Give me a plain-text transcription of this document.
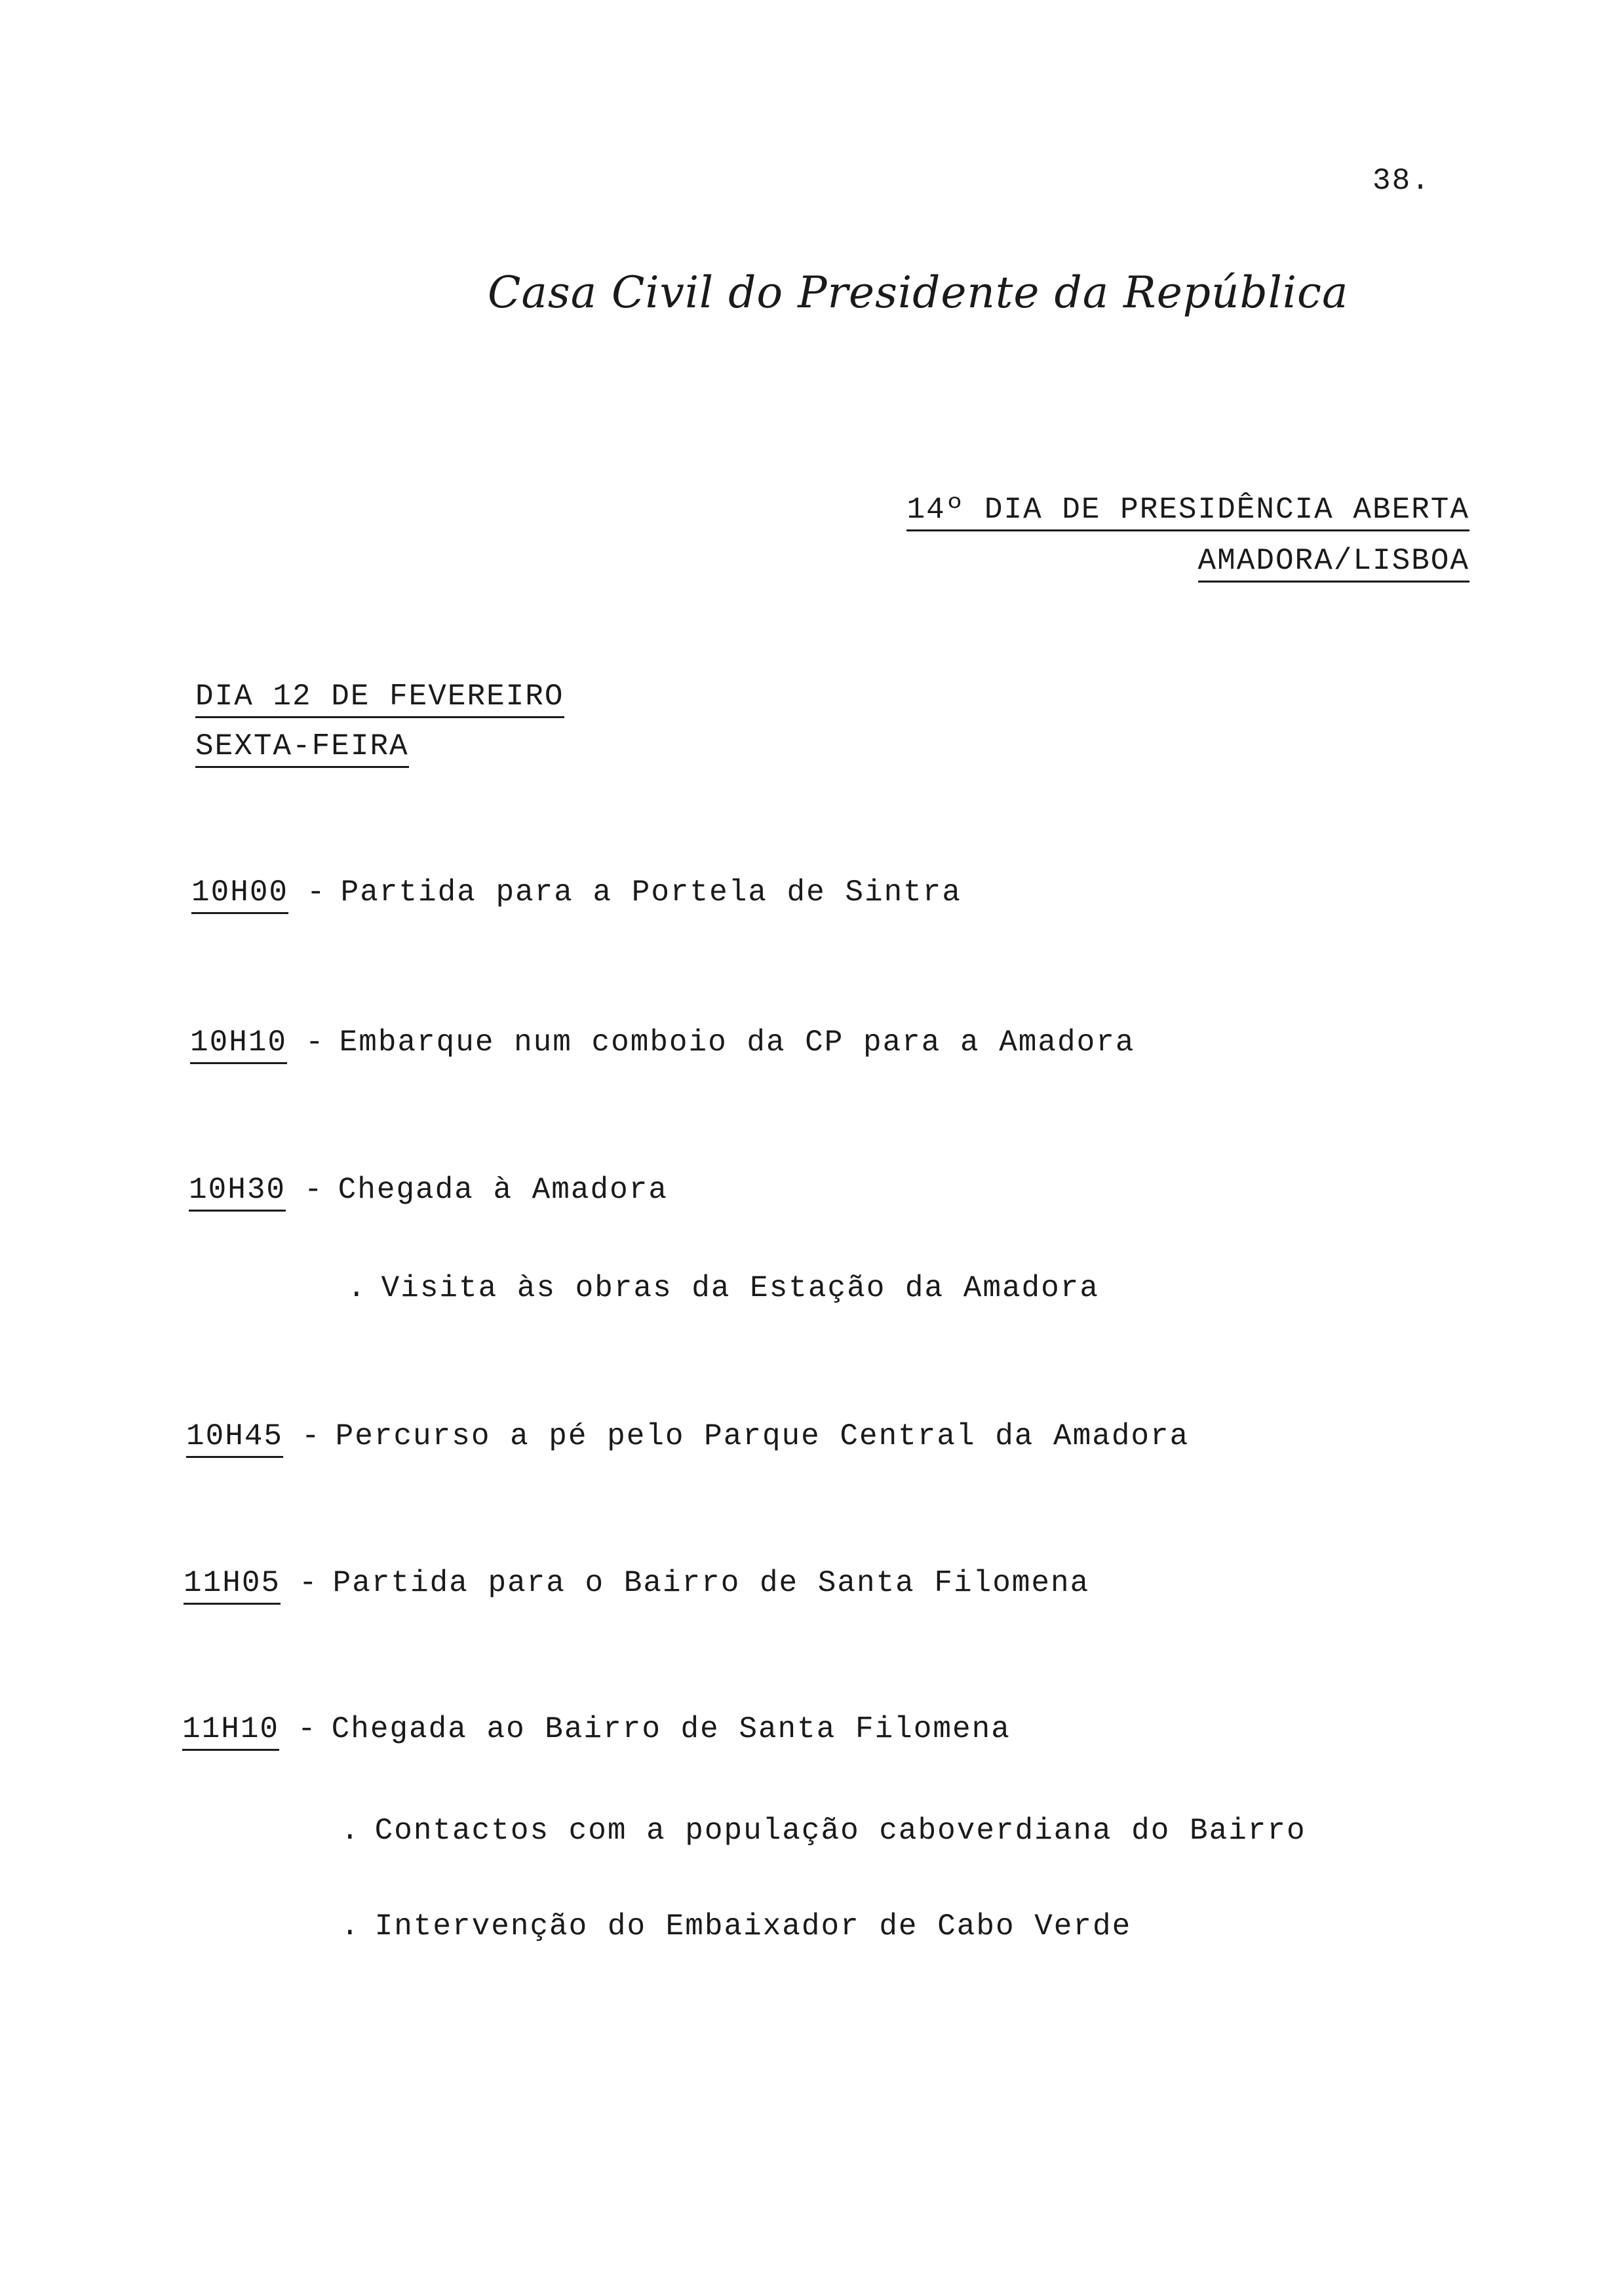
38.
Casa Civil do Presidente da República
14º DIA DE PRESIDÊNCIA ABERTA
AMADORA/LISBOA
DIA 12 DE FEVEREIRO
SEXTA-FEIRA
10H00 - Partida para a Portela de Sintra
10H10 - Embarque num comboio da CP para a Amadora
10H30 - Chegada à Amadora
. Visita às obras da Estação da Amadora
10H45 - Percurso a pé pelo Parque Central da Amadora
11H05 - Partida para o Bairro de Santa Filomena
11H10 - Chegada ao Bairro de Santa Filomena
. Contactos com a população caboverdiana do Bairro
. Intervenção do Embaixador de Cabo Verde
